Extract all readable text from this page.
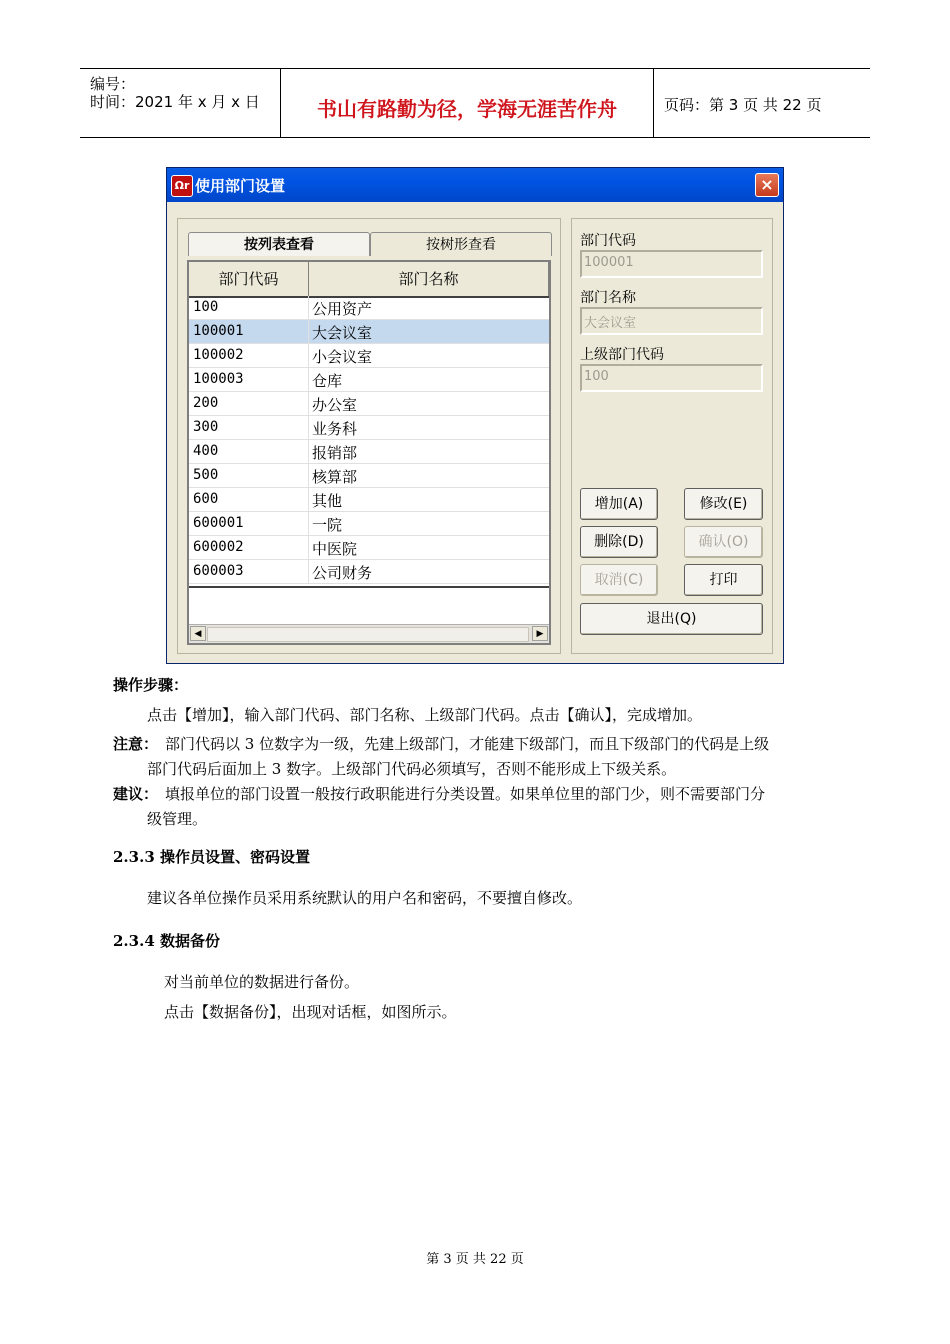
编号：
时间：2021 年 x 月 x 日	书山有路勤为径，学海无涯苦作舟	页码：第 3 页 共 22 页
Ωr 使用部门设置	×
按列表查看	按树形查看
部门代码	部门名称
100	公用资产
100001	大会议室
100002	小会议室
100003	仓库
200	办公室
300	业务科
400	报销部
500	核算部
600	其他
600001	一院
600002	中医院
600003	公司财务
◀	▶
部门代码
100001
部门名称
大会议室
上级部门代码
100
增加(A)	修改(E)
删除(D)	确认(O)
取消(C)	打印
退出(Q)
操作步骤：
点击【增加】，输入部门代码、部门名称、上级部门代码。点击【确认】，完成增加。
注意： 部门代码以 3 位数字为一级，先建上级部门，才能建下级部门，而且下级部门的代码是上级
部门代码后面加上 3 数字。上级部门代码必须填写，否则不能形成上下级关系。
建议： 填报单位的部门设置一般按行政职能进行分类设置。如果单位里的部门少，则不需要部门分
级管理。
2.3.3 操作员设置、密码设置
建议各单位操作员采用系统默认的用户名和密码，不要擅自修改。
2.3.4 数据备份
对当前单位的数据进行备份。
点击【数据备份】，出现对话框，如图所示。
第 3 页 共 22 页
